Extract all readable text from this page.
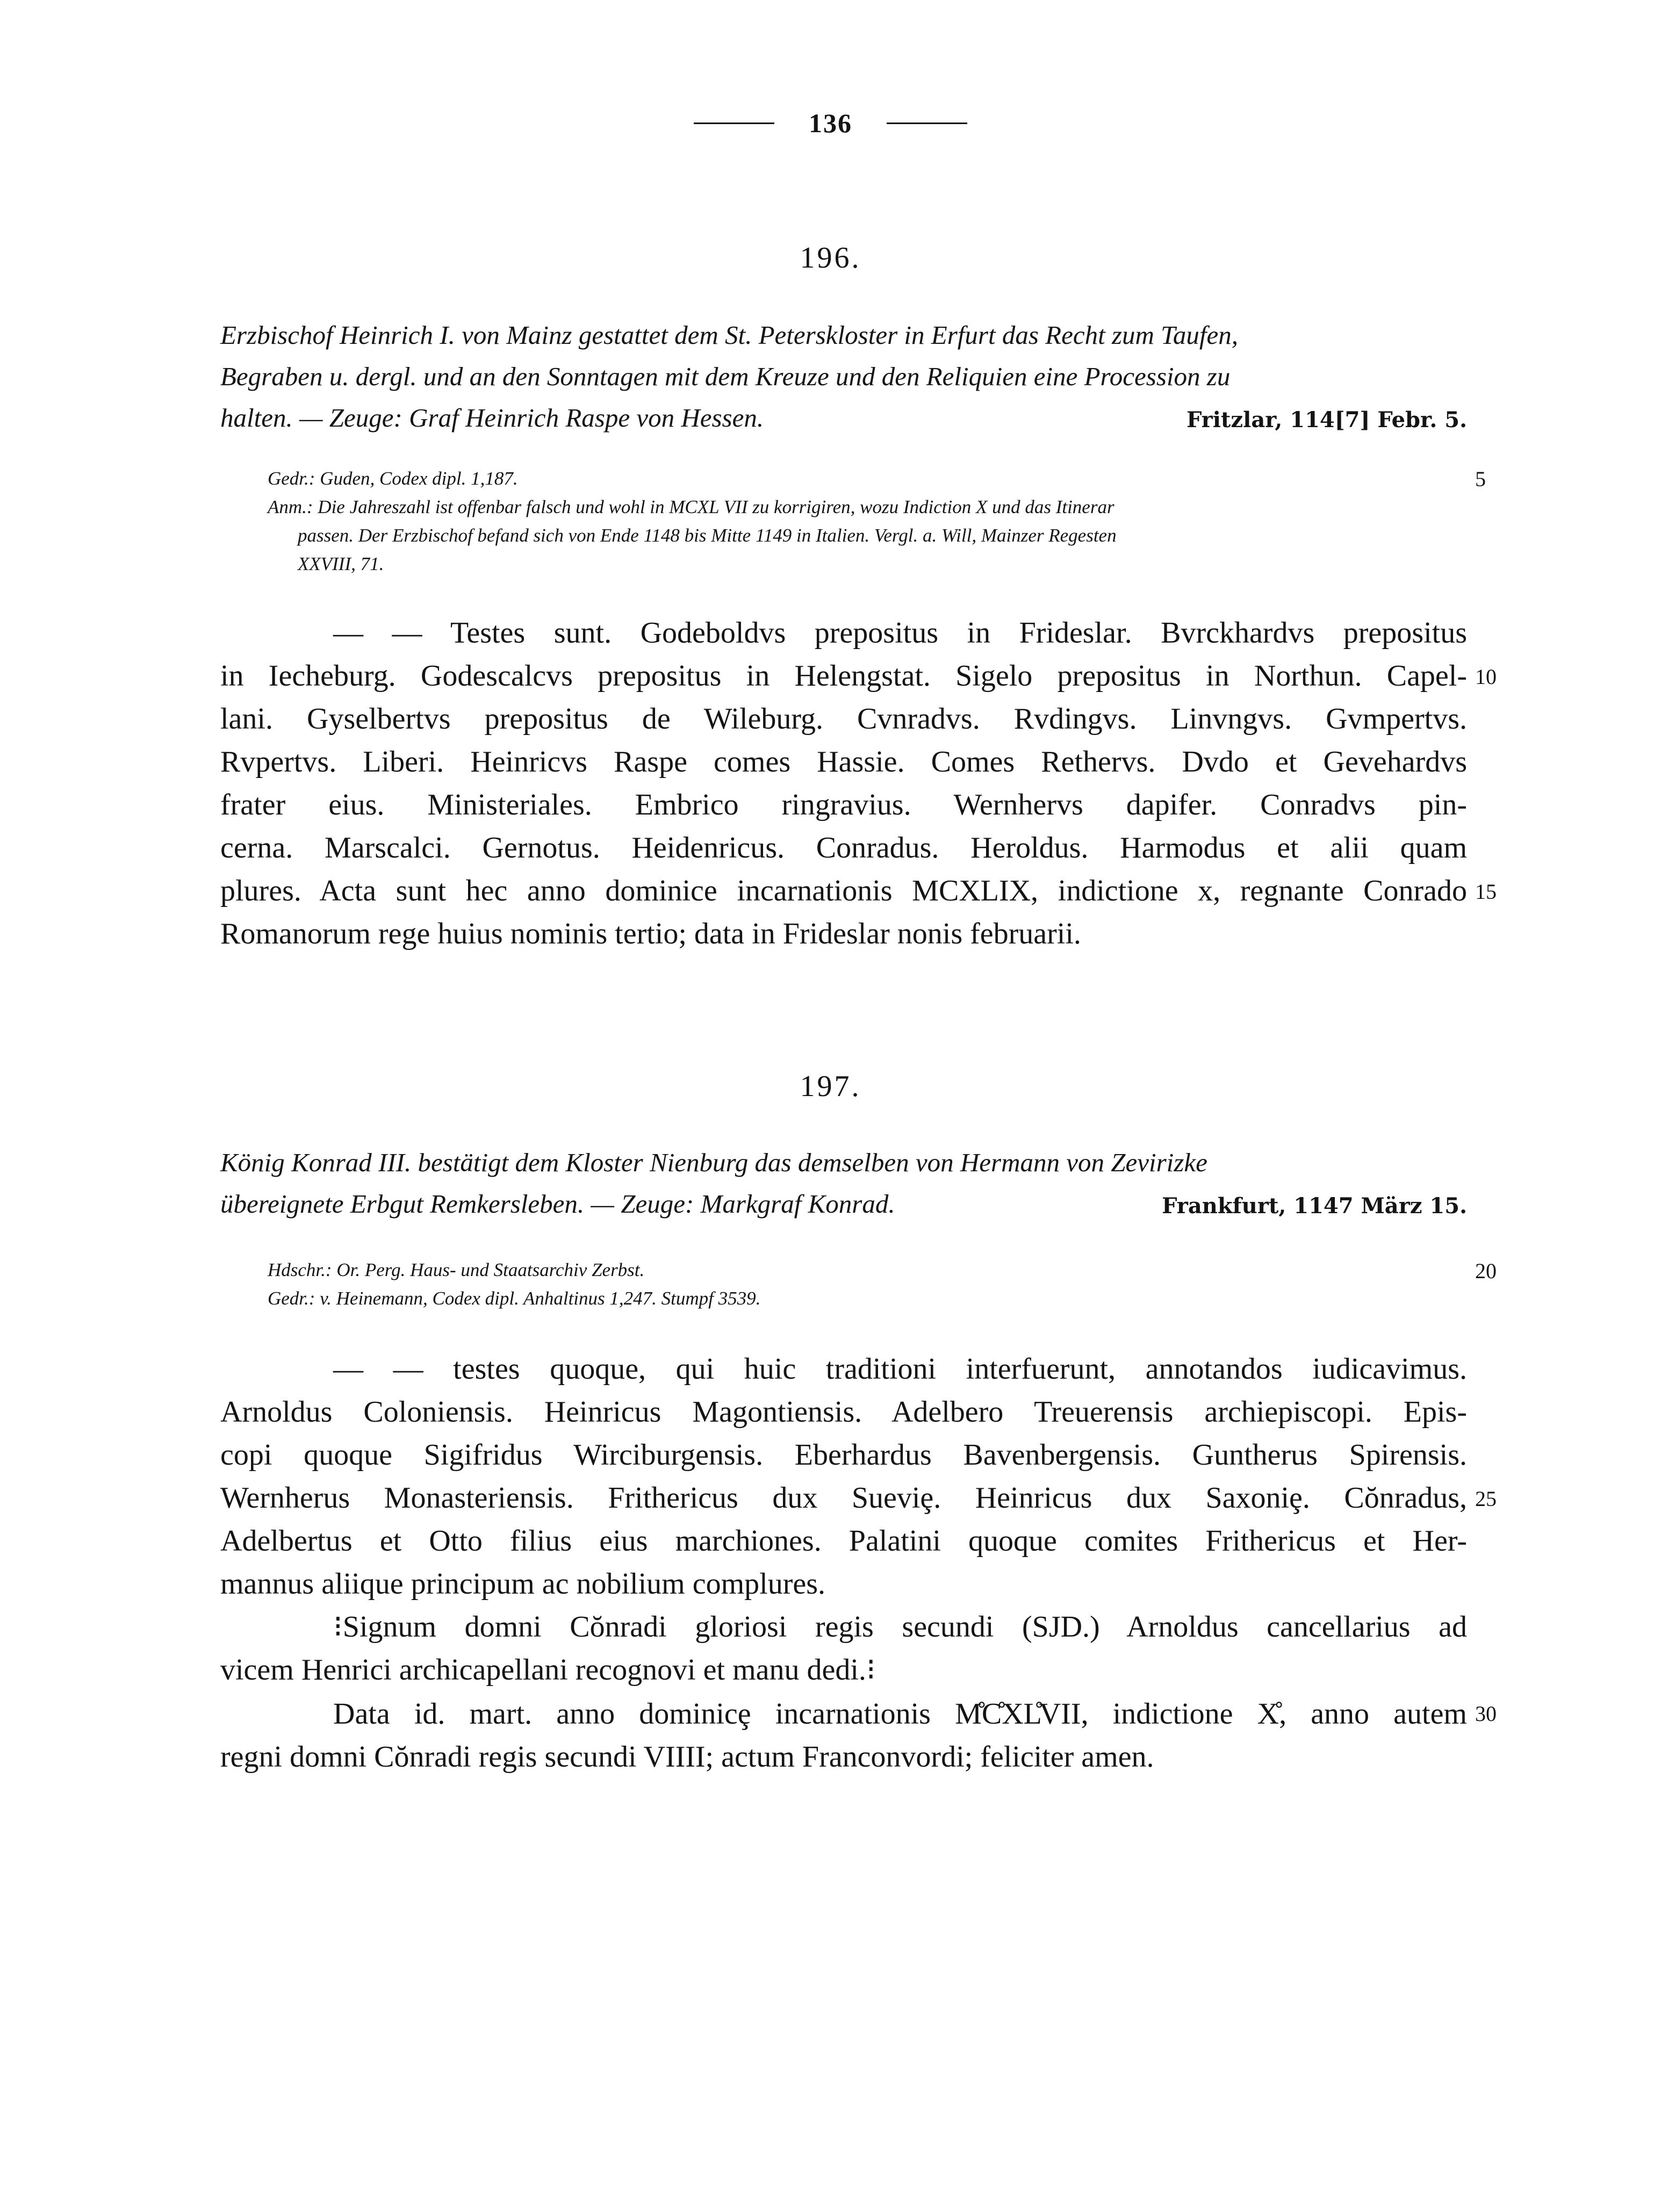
136
196.
Erzbischof Heinrich I. von Mainz gestattet dem St. Peterskloster in Erfurt das Recht zum Taufen,
Begraben u. dergl. und an den Sonntagen mit dem Kreuze und den Reliquien eine Procession zu
Fritzlar, 114[7] Febr. 5.
halten. — Zeuge: Graf Heinrich Raspe von Hessen.

Gedr.: Guden, Codex dipl. 1,187.

Anm.: Die Jahreszahl ist offenbar falsch und wohl in MCXL VII zu korrigiren, wozu Indiction X und das Itinerar

passen. Der Erzbischof befand sich von Ende 1148 bis Mitte 1149 in Italien. Vergl. a. Will, Mainzer Regesten

XXVIII, 71.

— — Testes sunt. Godeboldvs prepositus in Frideslar. Bvrckhardvs prepositus
in Iecheburg. Godescalcvs prepositus in Helengstat. Sigelo prepositus in Northun. Capel-
lani. Gyselbertvs prepositus de Wileburg. Cvnradvs. Rvdingvs. Linvngvs. Gvmpertvs.
Rvpertvs. Liberi. Heinricvs Raspe comes Hassie. Comes Rethervs. Dvdo et Gevehardvs
frater eius. Ministeriales. Embrico ringravius. Wernhervs dapifer. Conradvs pin-
cerna. Marscalci. Gernotus. Heidenricus. Conradus. Heroldus. Harmodus et alii quam
plures. Acta sunt hec anno dominice incarnationis MCXLIX, indictione x, regnante Conrado
Romanorum rege huius nominis tertio; data in Frideslar nonis februarii.
197.
König Konrad III. bestätigt dem Kloster Nienburg das demselben von Hermann von Zevirizke
Frankfurt, 1147 März 15.
übereignete Erbgut Remkersleben. — Zeuge: Markgraf Konrad.

Hdschr.: Or. Perg. Haus- und Staatsarchiv Zerbst.

Gedr.: v. Heinemann, Codex dipl. Anhaltinus 1,247. Stumpf 3539.

— — testes quoque, qui huic traditioni interfuerunt, annotandos iudicavimus.
Arnoldus Coloniensis. Heinricus Magontiensis. Adelbero Treuerensis archiepiscopi. Epis-
copi quoque Sigifridus Wirciburgensis. Eberhardus Bavenbergensis. Guntherus Spirensis.
Wernherus Monasteriensis. Frithericus dux Sueviȩ. Heinricus dux Saxoniȩ. Cŏnradus,
Adelbertus et Otto filius eius marchiones. Palatini quoque comites Frithericus et Her-
mannus aliique principum ac nobilium complures.
⁝Signum domni Cŏnradi gloriosi regis secundi (SJD.) Arnoldus cancellarius ad
vicem Henrici archicapellani recognovi et manu dedi.⁝
Data id. mart. anno dominicȩ incarnationis M̊C̊XL̊VII, indictione X̊, anno autem
regni domni Cŏnradi regis secundi VIIII; actum Franconvordi; feliciter amen.
5
10
15
20
25
30
